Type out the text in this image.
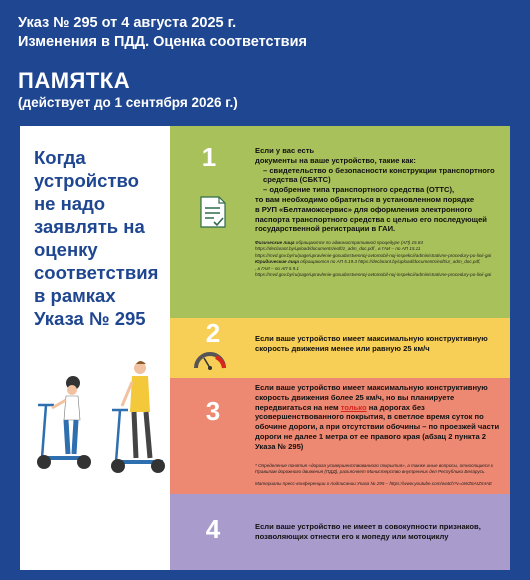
Указ № 295 от 4 августа 2025 г.
Изменения в ПДД. Оценка соответствия
ПАМЯТКА
(действует до 1 сентября 2026 г.)
Когда устройство не надо заявлять на оценку соответствия в рамках Указа № 295
1	Если у вас есть
документы на ваше устройство, такие как:
– свидетельство о безопасности конструкции транспортного средства (СБКТС)
– одобрение типа транспортного средства (ОТТС),
то вам необходимо обратиться в установленном порядке
в РУП «Белтаможсервис» для оформления электронного паспорта транспортного средства с целью его последующей государственной регистрации в ГАИ.
Физические лица обращаются по административной процедуре (АП) 15.84
https://declarant.by/upload/documents/eoft/z_adm_doc.pdf , в ГАИ – по АП 15.11
https://mvd.gov.by/ru/page/upravlenie-gosudarstvennoj-avtomobil-noj-inspekcii/administrativne-procedury-po-linii-gai
Юридические лица обращаются по АП 5.19.3 https://declarant.by/upload/documents/eoft/ur_adm_doc.pdf,
, в ГАИ – по АП 5.9.1
https://mvd.gov.by/ru/page/upravlenie-gosudarstvennoj-avtomobil-noj-inspekcii/administrativne-procedury-po-linii-gai
2	Если ваше устройство имеет максимальную конструктивную скорость движения менее или равную 25 км/ч
3
Если ваше устройство имеет максимальную конструктивную скорость движения более 25 км/ч, но вы планируете передвигаться на нем только на дорогах без усовершенствованного покрытия, в светлое время суток по обочине дороги, а при отсутствии обочины – по проезжей части дороги не далее 1 метра от ее правого края (абзац 2 пункта 2 Указа № 295)
* Определение понятия «дорога усовершенствованного покрытия», а также иные вопросы, относящиеся к Правилам дорожного движения (ПДД), разъясняет Министерство внутренних дел Республики Беларусь.
Материалы пресс-конференции о подписании Указа № 295 – https://www.youtube.com/watch?v=oWZ6AIZmIAE
4	Если ваше устройство не имеет в совокупности признаков, позволяющих отнести его к мопеду или мотоциклу
